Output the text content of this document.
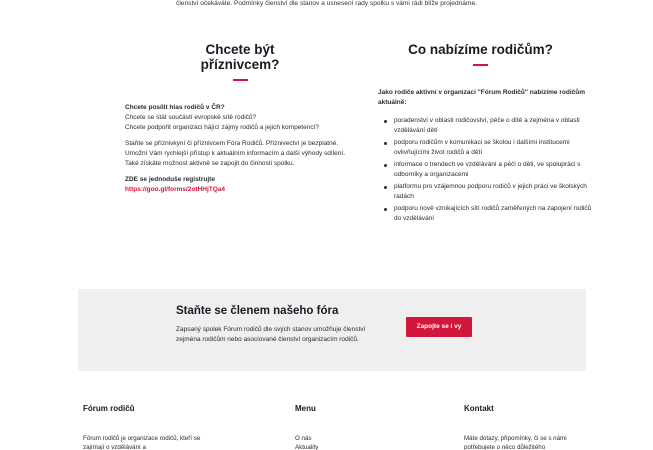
členství očekáváte. Podmínky členství dle stanov a usnesení rady spolku s vámi rádi blíže projednáme.
Chcete být
příznivcem?

Chcete posílit hlas rodičů v ČR?
Chcete se stát součástí evropské sítě rodičů?
Chcete podpořit organizaci hájící zájmy rodičů a jejich kompetencí?

Staňte se příznivkyní či příznivcem Fóra Rodičů. Příznivectví je bezplatné. Umožní Vám rychlejší přístup k aktuálním informacím a další výhody sdílení. Také získáte možnost aktivně se zapojit do činnosti spolku.

ZDE se jednoduše registrujte
https://goo.gl/forms/2otHHjTQa4

Co nabízíme rodičům?
Jako rodiče aktivní v organizaci "Fórum Rodičů" nabízíme rodičům aktuálně:
poradenství v oblasti rodičovství, péče o dítě a zejména v oblasti vzdělávání dětí
podporu rodičům v komunikaci se školou i dalšími institucemi ovlivňujícími život rodičů a dětí
informace o trendech ve vzdělávání a péči o děti, ve spolupráci s odborníky a organizacemi
platformu pro vzájemnou podporu rodičů v jejich práci ve školských radách
podporu nově vznikajících sítí rodičů zaměřených na zapojení rodičů do vzdělávání
Staňte se členem našeho fóra
Zapsaný spolek Fórum rodičů dle svých stanov umožňuje členství zejména rodičům nebo asociované členství organizacím rodičů.
Zapojte se i vy
Fórum rodičů
Fórum rodičů je organizace rodičů, kteří se zajímají o vzdělávání a
Menu
O nás
Aktuality
Kontakt
Máte dotazy, připomínky, či se s námi potřebujete o něco důležitého
